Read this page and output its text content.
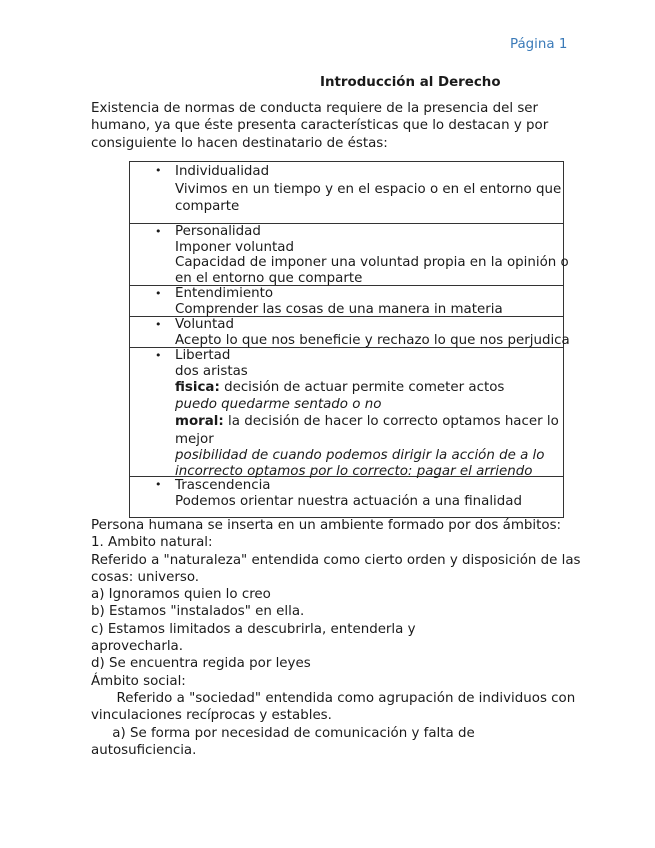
Página 1
Introducción al Derecho
Existencia de normas de conducta requiere de la presencia del ser
humano, ya que éste presenta características que lo destacan y por
consiguiente lo hacen destinatario de éstas:
• Individualidad
Vivimos en un tiempo y en el espacio o en el entorno que
comparte
• Personalidad
Imponer voluntad
Capacidad de imponer una voluntad propia en la opinión o
en el entorno que comparte
• Entendimiento
Comprender las cosas de una manera in materia
• Voluntad
Acepto lo que nos beneficie y rechazo lo que nos perjudica
• Libertad
dos aristas
fisica: decisión de actuar permite cometer actos
puedo quedarme sentado o no
moral: la decisión de hacer lo correcto optamos hacer lo
mejor
posibilidad de cuando podemos dirigir la acción de a lo
incorrecto optamos por lo correcto: pagar el arriendo
• Trascendencia
Podemos orientar nuestra actuación a una finalidad
Persona humana se inserta en un ambiente formado por dos ámbitos:
1. Ambito natural:
Referido a "naturaleza" entendida como cierto orden y disposición de las
cosas: universo.
a) Ignoramos quien lo creo
b) Estamos "instalados" en ella.
c) Estamos limitados a descubrirla, entenderla y
aprovecharla.
d) Se encuentra regida por leyes
Ámbito social:
Referido a "sociedad" entendida como agrupación de individuos con
vinculaciones recíprocas y estables.
a) Se forma por necesidad de comunicación y falta de
autosuficiencia.
